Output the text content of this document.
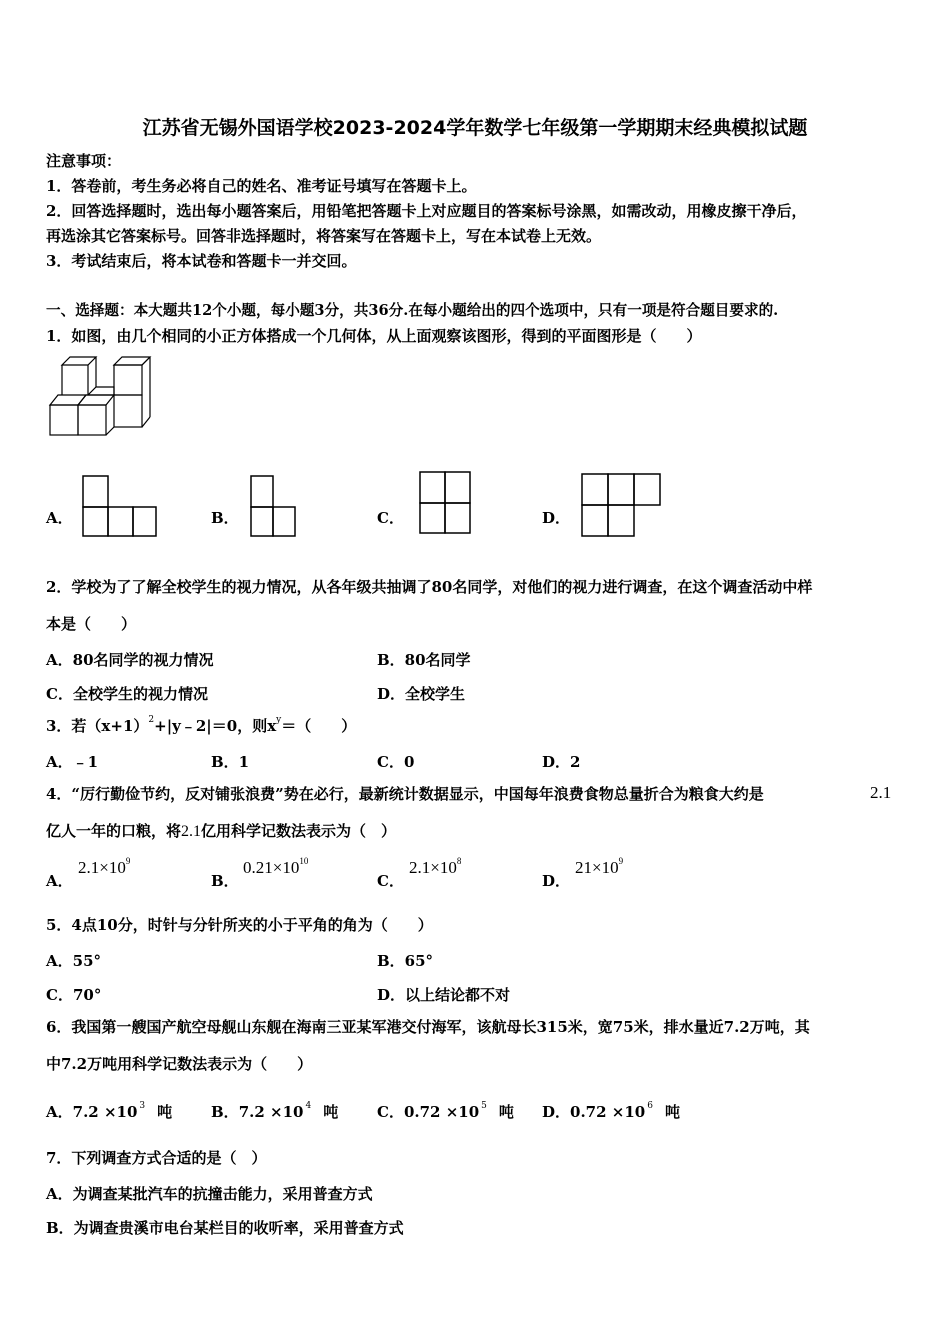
江苏省无锡外国语学校2023-2024学年数学七年级第一学期期末经典模拟试题
注意事项：
1．答卷前，考生务必将自己的姓名、准考证号填写在答题卡上。
2．回答选择题时，选出每小题答案后，用铅笔把答题卡上对应题目的答案标号涂黑，如需改动，用橡皮擦干净后，
再选涂其它答案标号。回答非选择题时，将答案写在答题卡上，写在本试卷上无效。
3．考试结束后，将本试卷和答题卡一并交回。
一、选择题：本大题共12个小题，每小题3分，共36分.在每小题给出的四个选项中，只有一项是符合题目要求的.
1．如图，由几个相同的小正方体搭成一个几何体，从上面观察该图形，得到的平面图形是（　　）
A．	B．	C．	D．
2．学校为了了解全校学生的视力情况，从各年级共抽调了80名同学，对他们的视力进行调查，在这个调查活动中样
本是（　　）
A．80名同学的视力情况	B．80名同学
C．全校学生的视力情况	D．全校学生
3．若$(x+1)^2+|y﹣2|=0$，则$x^y=$（　　）
A．﹣1	B．1	C．0	D．2
4．“厉行勤俭节约，反对铺张浪费”势在必行，最新统计数据显示，中国每年浪费食物总量折合为粮食大约是	2.1
亿人一年的口粮，将2.1亿用科学记数法表示为（　）
A．
$2.1\times 10^9$
B．
$0.21\times 10^{10}$
C．
$2.1\times 10^8$
D．
$21\times 10^9$
5．4点10分，时针与分针所夹的小于平角的角为（　　）
A．55°	B．65°
C．70°	D．以上结论都不对
6．我国第一艘国产航空母舰山东舰在海南三亚某军港交付海军，该航母长315米，宽75米，排水量近7.2万吨，其
中7.2万吨用科学记数法表示为（　　）
A．7.2 ×10 $^3$ 吨	B．7.2 ×10 $^4$ 吨	C．0.72 ×10 $^5$ 吨 D．0.72 ×10 $^6$ 吨
7．下列调查方式合适的是（　）
A．为调查某批汽车的抗撞击能力，采用普查方式
B．为调查贵溪市电台某栏目的收听率，采用普查方式
